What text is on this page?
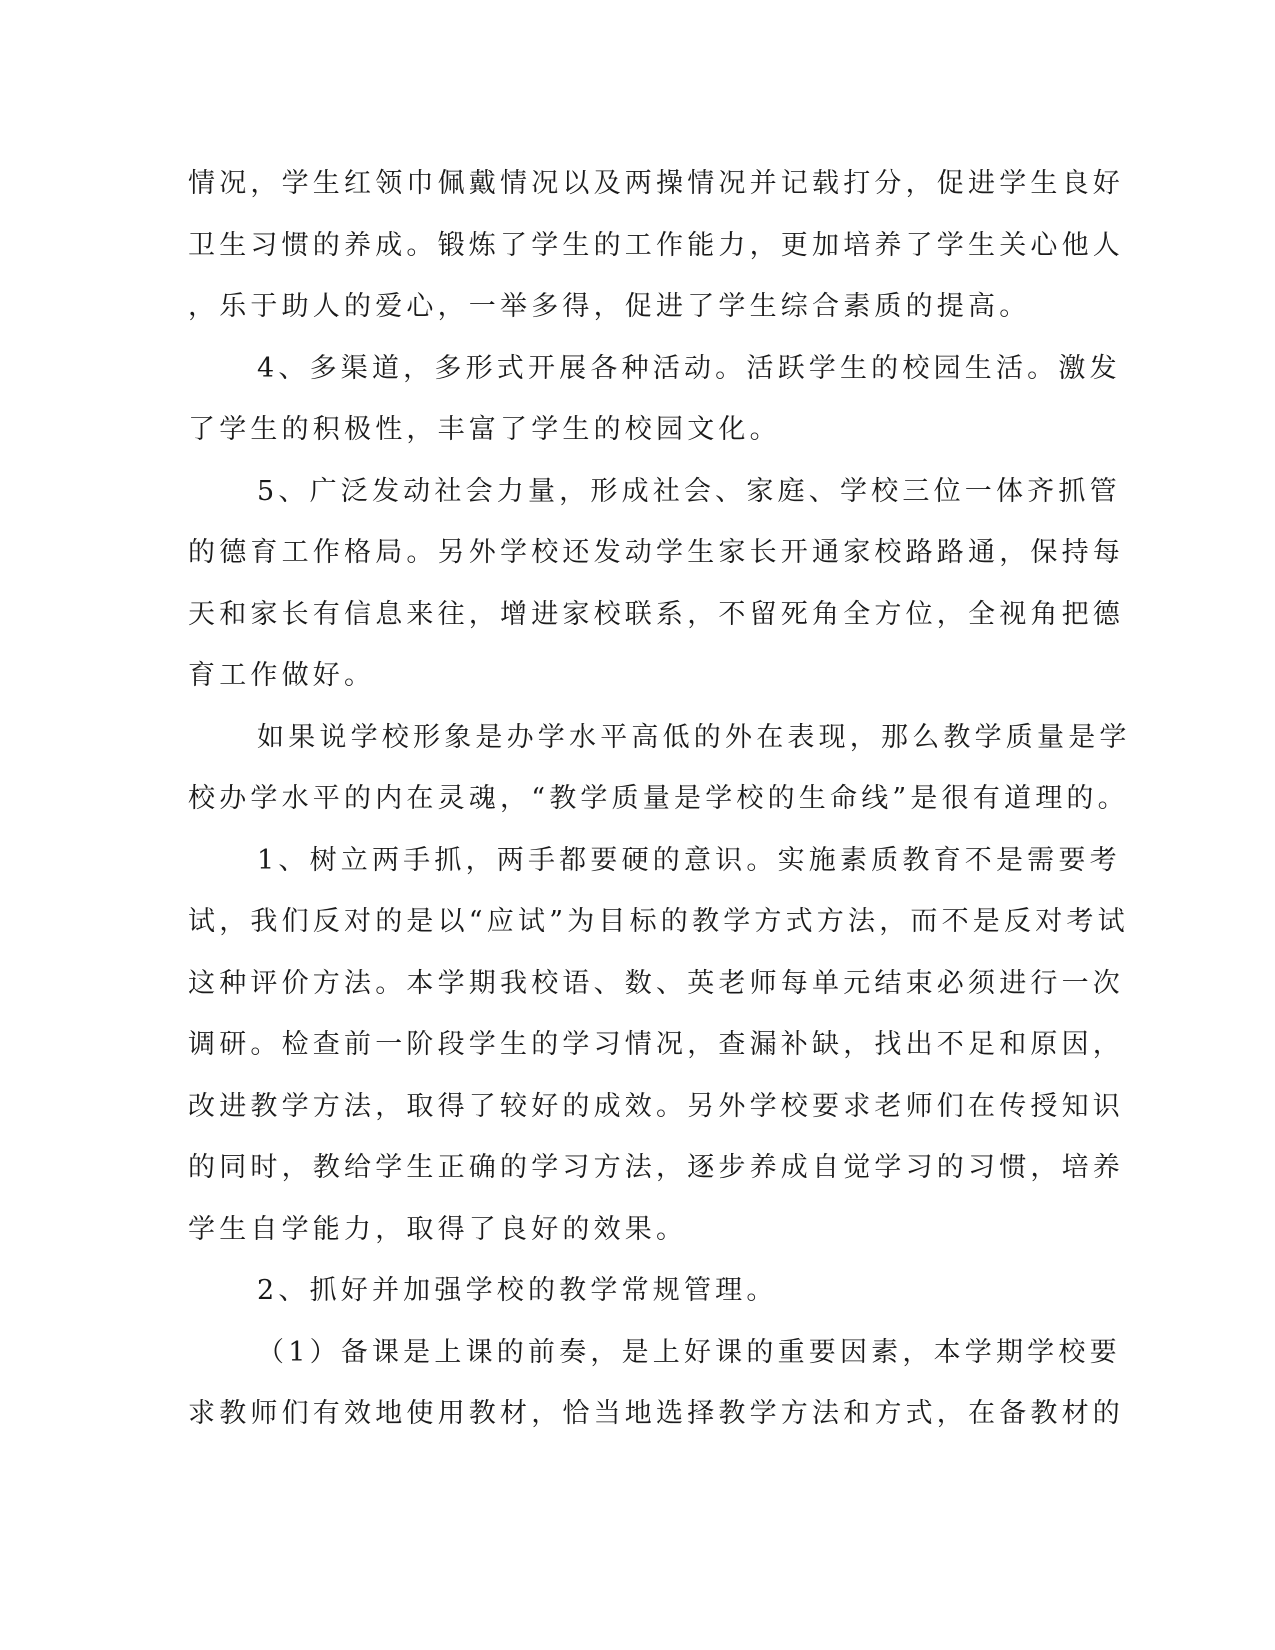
情况，学生红领巾佩戴情况以及两操情况并记载打分，促进学生良好
卫生习惯的养成。锻炼了学生的工作能力，更加培养了学生关心他人
，乐于助人的爱心，一举多得，促进了学生综合素质的提高。
4、多渠道，多形式开展各种活动。活跃学生的校园生活。激发
了学生的积极性，丰富了学生的校园文化。
5、广泛发动社会力量，形成社会、家庭、学校三位一体齐抓管
的德育工作格局。另外学校还发动学生家长开通家校路路通，保持每
天和家长有信息来往，增进家校联系，不留死角全方位，全视角把德
育工作做好。
如果说学校形象是办学水平高低的外在表现，那么教学质量是学
校办学水平的内在灵魂，“教学质量是学校的生命线”是很有道理的。
1、树立两手抓，两手都要硬的意识。实施素质教育不是需要考
试，我们反对的是以“应试”为目标的教学方式方法，而不是反对考试
这种评价方法。本学期我校语、数、英老师每单元结束必须进行一次
调研。检查前一阶段学生的学习情况，查漏补缺，找出不足和原因，
改进教学方法，取得了较好的成效。另外学校要求老师们在传授知识
的同时，教给学生正确的学习方法，逐步养成自觉学习的习惯，培养
学生自学能力，取得了良好的效果。
2、抓好并加强学校的教学常规管理。
（1）备课是上课的前奏，是上好课的重要因素，本学期学校要
求教师们有效地使用教材，恰当地选择教学方法和方式，在备教材的
